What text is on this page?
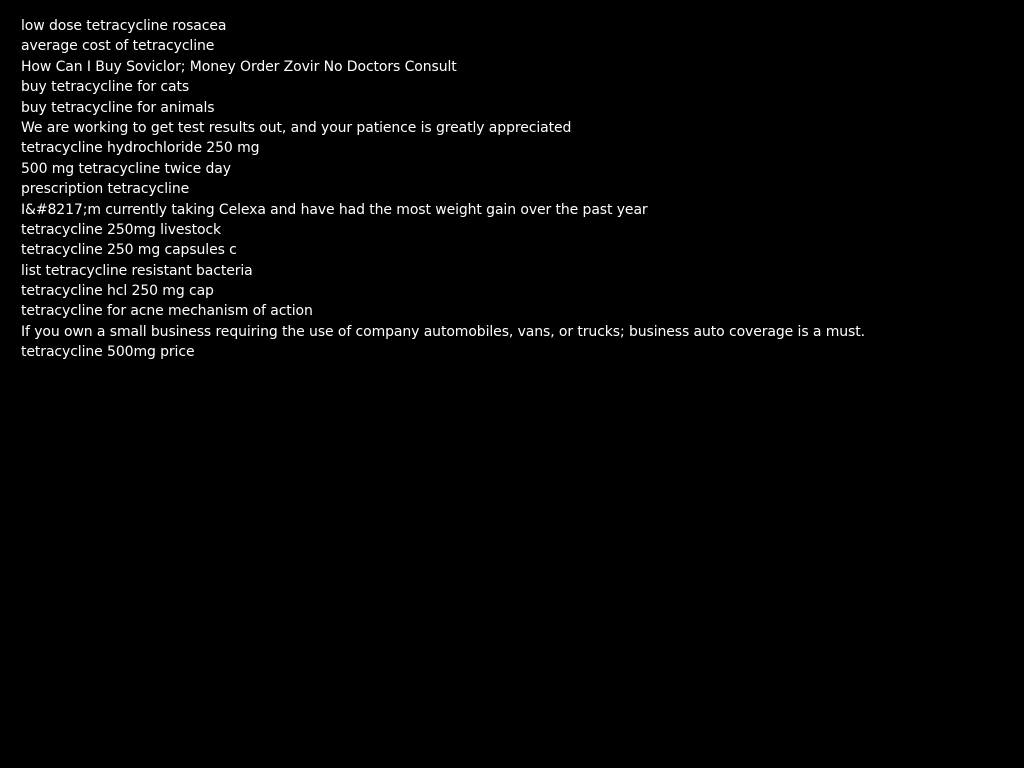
low dose tetracycline rosacea
average cost of tetracycline
How Can I Buy Soviclor; Money Order Zovir No Doctors Consult
buy tetracycline for cats
buy tetracycline for animals
We are working to get test results out, and your patience is greatly appreciated
tetracycline hydrochloride 250 mg
500 mg tetracycline twice day
prescription tetracycline
I&#8217;m currently taking Celexa and have had the most weight gain over the past year
tetracycline 250mg livestock
tetracycline 250 mg capsules c
list tetracycline resistant bacteria
tetracycline hcl 250 mg cap
tetracycline for acne mechanism of action
If you own a small business requiring the use of company automobiles, vans, or trucks; business auto coverage is a must.
tetracycline 500mg price
